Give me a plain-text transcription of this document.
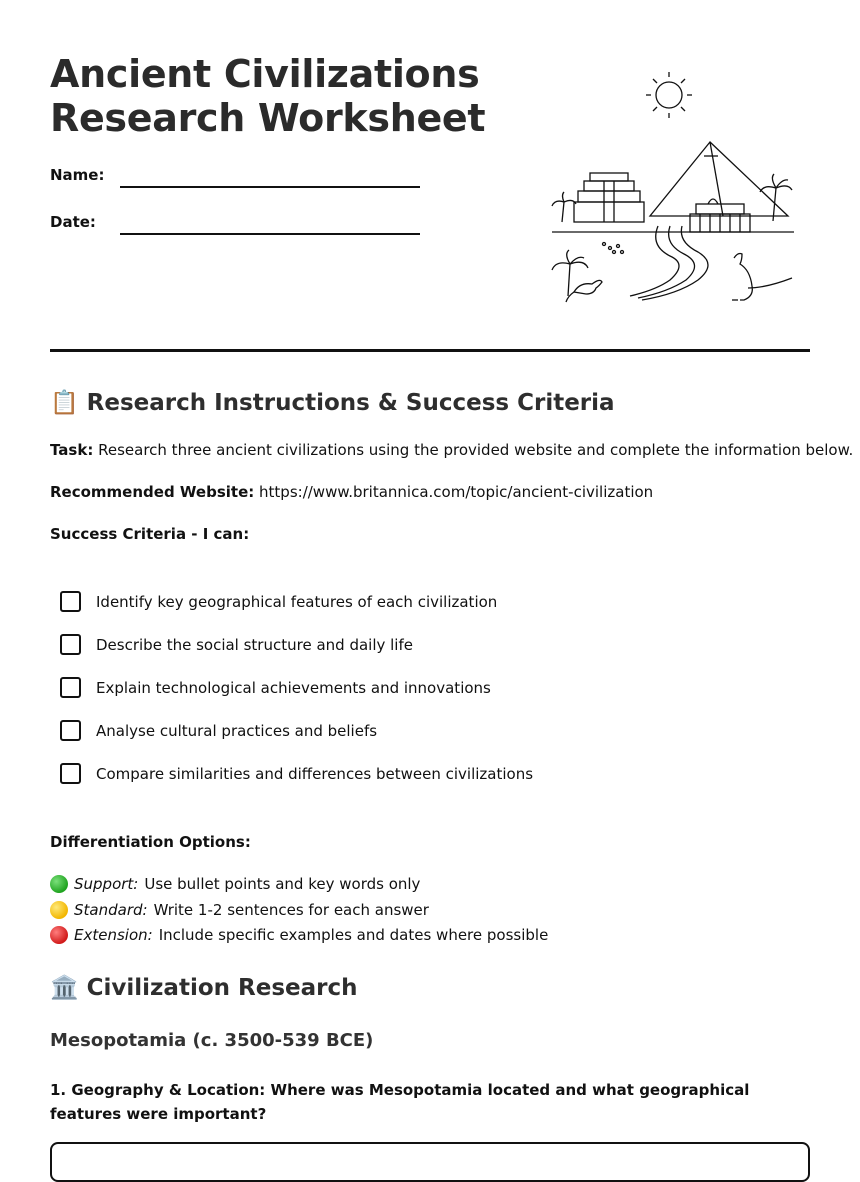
Ancient Civilizations
Research Worksheet
Name:
Date:
📋 Research Instructions & Success Criteria

Task: Research three ancient civilizations using the provided website and complete the information below.

Recommended Website: https://www.britannica.com/topic/ancient-civilization

Success Criteria - I can:

Identify key geographical features of each civilization
Describe the social structure and daily life
Explain technological achievements and innovations
Analyse cultural practices and beliefs
Compare similarities and differences between civilizations

Differentiation Options:

Support: Use bullet points and key words only
Standard: Write 1-2 sentences for each answer
Extension: Include specific examples and dates where possible
🏛️ Civilization Research
Mesopotamia (c. 3500-539 BCE)

1. Geography & Location: Where was Mesopotamia located and what geographical features were important?
